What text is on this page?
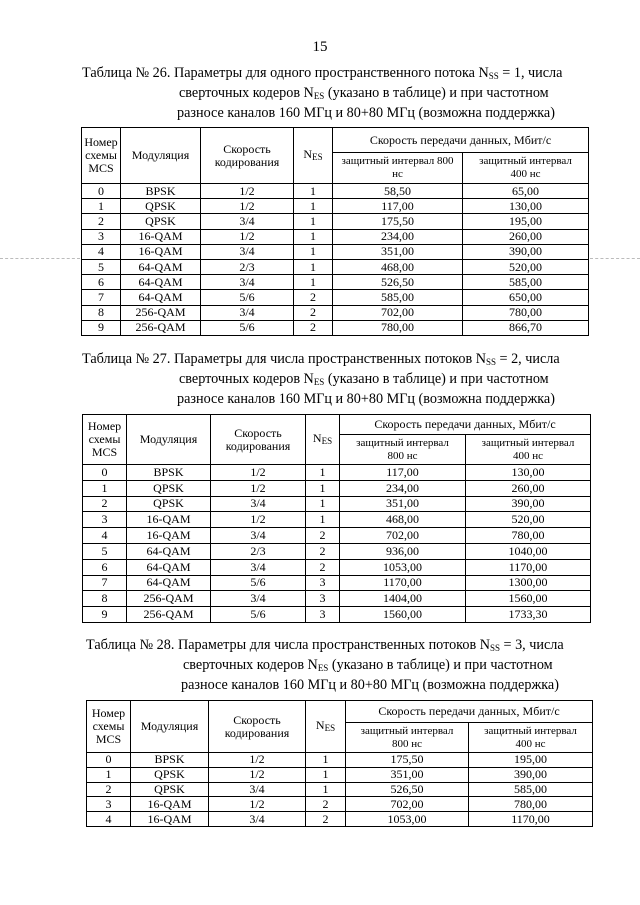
15
Таблица № 26. Параметры для одного пространственного потока $N_{SS} = 1$, числа
сверточных кодеров $N_{ES}$ (указано в таблице) и при частотном
разносе каналов 160 МГц и 80+80 МГц (возможна поддержка)
Номер схемы MCS	Модуляция	Скорость кодирования	$N_{ES}$	Скорость передачи данных, Мбит/с	

				защитный интервал 800 нс	защитный интервал 400 нс

0	BPSK	1/2	1	58,50	65,00
1	QPSK	1/2	1	117,00	130,00
2	QPSK	3/4	1	175,50	195,00
3	16-QAM	1/2	1	234,00	260,00
4	16-QAM	3/4	1	351,00	390,00
5	64-QAM	2/3	1	468,00	520,00
6	64-QAM	3/4	1	526,50	585,00
7	64-QAM	5/6	2	585,00	650,00
8	256-QAM	3/4	2	702,00	780,00
9	256-QAM	5/6	2	780,00	866,70
Таблица № 27. Параметры для числа пространственных потоков $N_{SS} = 2$, числа
сверточных кодеров $N_{ES}$ (указано в таблице) и при частотном
разносе каналов 160 МГц и 80+80 МГц (возможна поддержка)
Номер схемы MCS	Модуляция	Скорость кодирования	$N_{ES}$	Скорость передачи данных, Мбит/с	

				защитный интервал 800 нс	защитный интервал 400 нс

0	BPSK	1/2	1	117,00	130,00
1	QPSK	1/2	1	234,00	260,00
2	QPSK	3/4	1	351,00	390,00
3	16-QAM	1/2	1	468,00	520,00
4	16-QAM	3/4	2	702,00	780,00
5	64-QAM	2/3	2	936,00	1040,00
6	64-QAM	3/4	2	1053,00	1170,00
7	64-QAM	5/6	3	1170,00	1300,00
8	256-QAM	3/4	3	1404,00	1560,00
9	256-QAM	5/6	3	1560,00	1733,30
Таблица № 28. Параметры для числа пространственных потоков $N_{SS} = 3$, числа
сверточных кодеров $N_{ES}$ (указано в таблице) и при частотном
разносе каналов 160 МГц и 80+80 МГц (возможна поддержка)
Номер схемы MCS	Модуляция	Скорость кодирования	$N_{ES}$	Скорость передачи данных, Мбит/с	

				защитный интервал 800 нс	защитный интервал 400 нс

0	BPSK	1/2	1	175,50	195,00
1	QPSK	1/2	1	351,00	390,00
2	QPSK	3/4	1	526,50	585,00
3	16-QAM	1/2	2	702,00	780,00
4	16-QAM	3/4	2	1053,00	1170,00
